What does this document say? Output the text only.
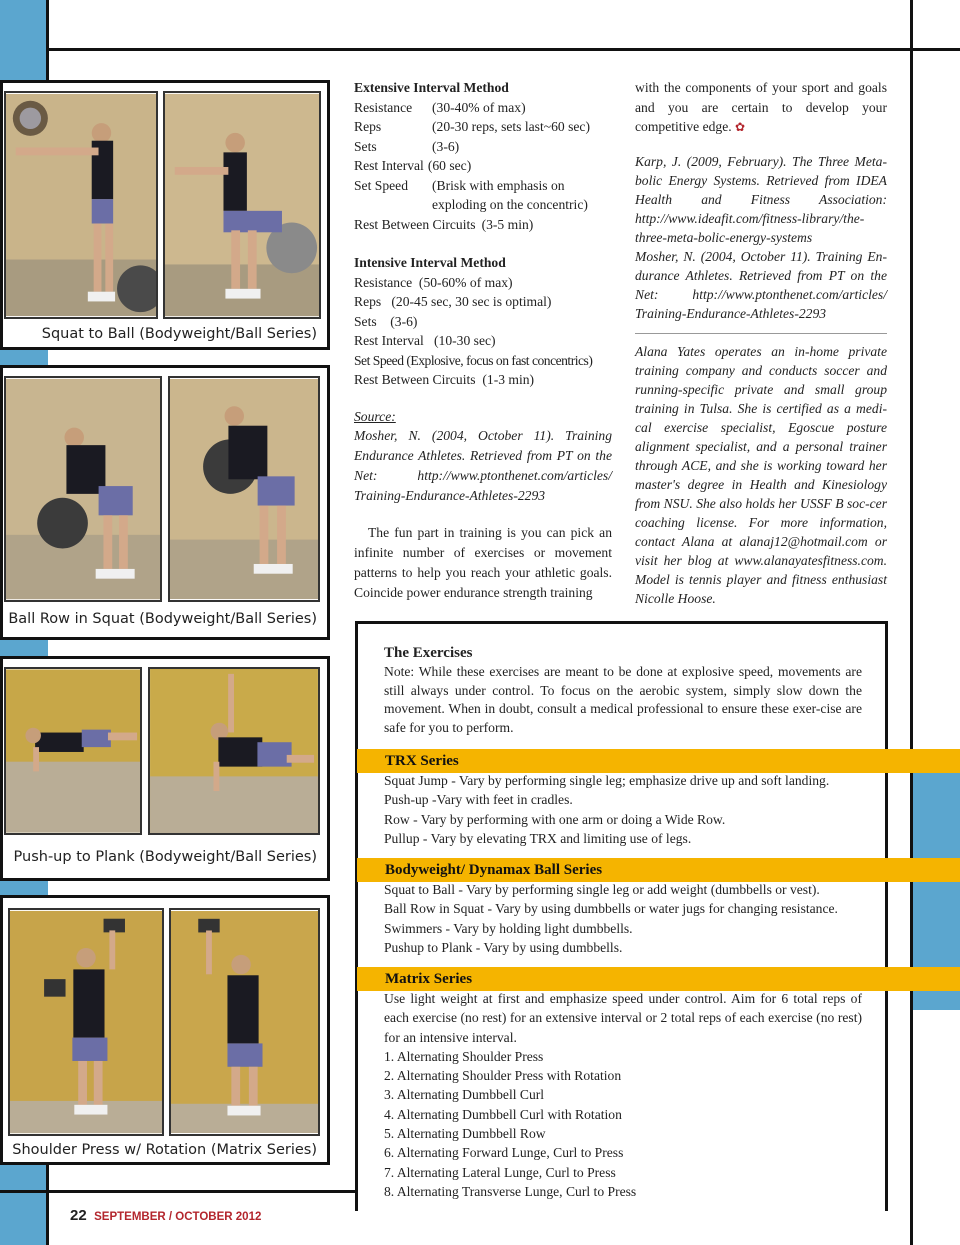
Squat to Ball (Bodyweight/Ball Series)
Ball Row in Squat (Bodyweight/Ball Series)
Push-up to Plank (Bodyweight/Ball Series)
Shoulder Press w/ Rotation (Matrix Series)

Extensive Interval Method

Resistance	(30-40% of max)
Reps	(20-30 reps, sets last~60 sec)
Sets	(3-6)
Rest Interval (60 sec)
Set Speed	(Brisk with emphasis on
exploding on the concentric)
Rest Between Circuits (3-5 min)

Intensive Interval Method

Resistance  (50-60% of max)

Reps   (20-45 sec, 30 sec is optimal)

Sets    (3-6)

Rest Interval   (10-30 sec)

Set Speed (Explosive, focus on fast concentrics)

Rest Between Circuits  (1-3 min)

Source:

Mosher, N. (2004, October 11). Training Endurance Athletes. Retrieved from PT on the Net: http://www.ptonthenet.com/articles/ Training-Endurance-Athletes-2293

The fun part in training is you can pick an infinite number of exercises or movement patterns to help you reach your athletic goals. Coincide power endurance strength training

with the components of your sport and goals and you are certain to develop your competitive edge. ✿

Karp, J. (2009, February). The Three Meta-bolic Energy Systems. Retrieved from IDEA Health and Fitness Association: http://www.ideafit.com/fitness-library/the-three-meta-bolic-energy-systems

Mosher, N. (2004, October 11). Training En-durance Athletes. Retrieved from PT on the Net: http://www.ptonthenet.com/articles/ Training-Endurance-Athletes-2293

Alana Yates operates an in-home private training company and conducts soccer and running-specific private and small group training in Tulsa. She is certified as a medi-cal exercise specialist, Egoscue posture alignment specialist, and a personal trainer through ACE, and she is working toward her master's degree in Health and Kinesiology from NSU. She also holds her USSF B soc-cer coaching license. For more information, contact Alana at alanaj12@hotmail.com or visit her blog at www.alanayatesfitness.com. Model is tennis player and fitness enthusiast Nicolle Hoose.

The Exercises

Note: While these exercises are meant to be done at explosive speed, movements are still always under control. To focus on the aerobic system, simply slow down the movement. When in doubt, consult a medical professional to ensure these exer-cise are safe for you to perform.

TRX Series

Squat Jump - Vary by performing single leg; emphasize drive up and soft landing.

Push-up -Vary with feet in cradles.

Row - Vary by performing with one arm or doing a Wide Row.

Pullup - Vary by elevating TRX and limiting use of legs.

Bodyweight/ Dynamax Ball Series

Squat to Ball - Vary by performing single leg or add weight (dumbbells or vest).

Ball Row in Squat - Vary by using dumbbells or water jugs for changing resistance.

Swimmers - Vary by holding light dumbbells.

Pushup to Plank - Vary by using dumbbells.

Matrix Series

Use light weight at first and emphasize speed under control. Aim for 6 total reps of each exercise (no rest) for an extensive interval or 2 total reps of each exercise (no rest) for an intensive interval.

1. Alternating Shoulder Press

2. Alternating Shoulder Press with Rotation

3. Alternating Dumbbell Curl

4. Alternating Dumbbell Curl with Rotation

5. Alternating Dumbbell Row

6. Alternating Forward Lunge, Curl to Press

7. Alternating Lateral Lunge, Curl to Press

8. Alternating Transverse Lunge, Curl to Press

22 SEPTEMBER / OCTOBER 2012
